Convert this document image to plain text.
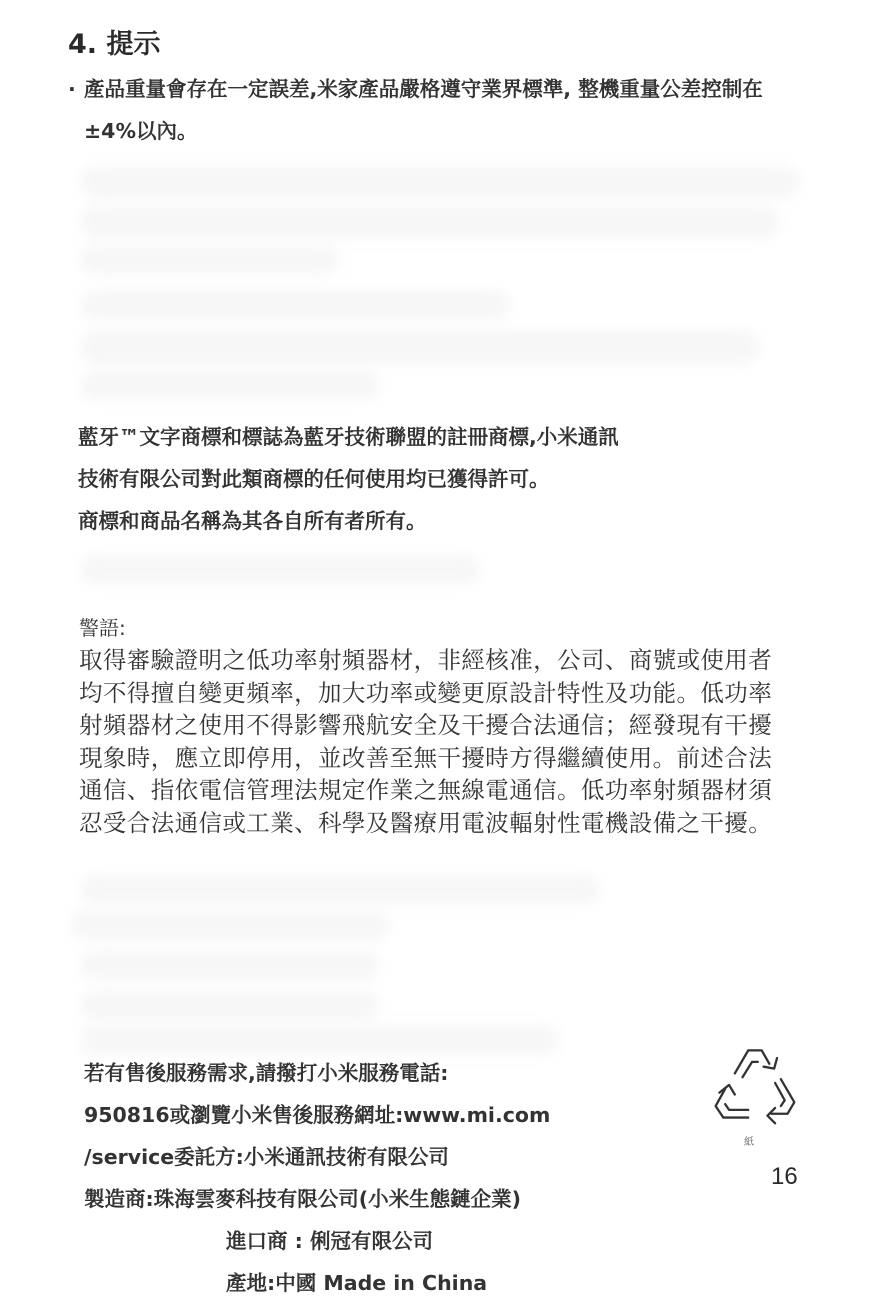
4. 提示
· 產品重量會存在一定誤差,米家產品嚴格遵守業界標準, 整機重量公差控制在±4%以內。

藍牙™文字商標和標誌為藍牙技術聯盟的註冊商標,小米通訊

技術有限公司對此類商標的任何使用均已獲得許可。

商標和商品名稱為其各自所有者所有。

警語:
取得審驗證明之低功率射頻器材，非經核准，公司、商號或使用者均不得擅自變更頻率，加大功率或變更原設計特性及功能。低功率射頻器材之使用不得影響飛航安全及干擾合法通信；經發現有干擾現象時，應立即停用，並改善至無干擾時方得繼續使用。前述合法通信、指依電信管理法規定作業之無線電通信。低功率射頻器材須忍受合法通信或工業、科學及醫療用電波輻射性電機設備之干擾。

若有售後服務需求,請撥打小米服務電話:

950816或瀏覽小米售後服務網址:www.mi.com

/service委託方:小米通訊技術有限公司

製造商:珠海雲麥科技有限公司(小米生態鏈企業)

進口商 : 俐冠有限公司

產地:中國 Made in China

紙
16
